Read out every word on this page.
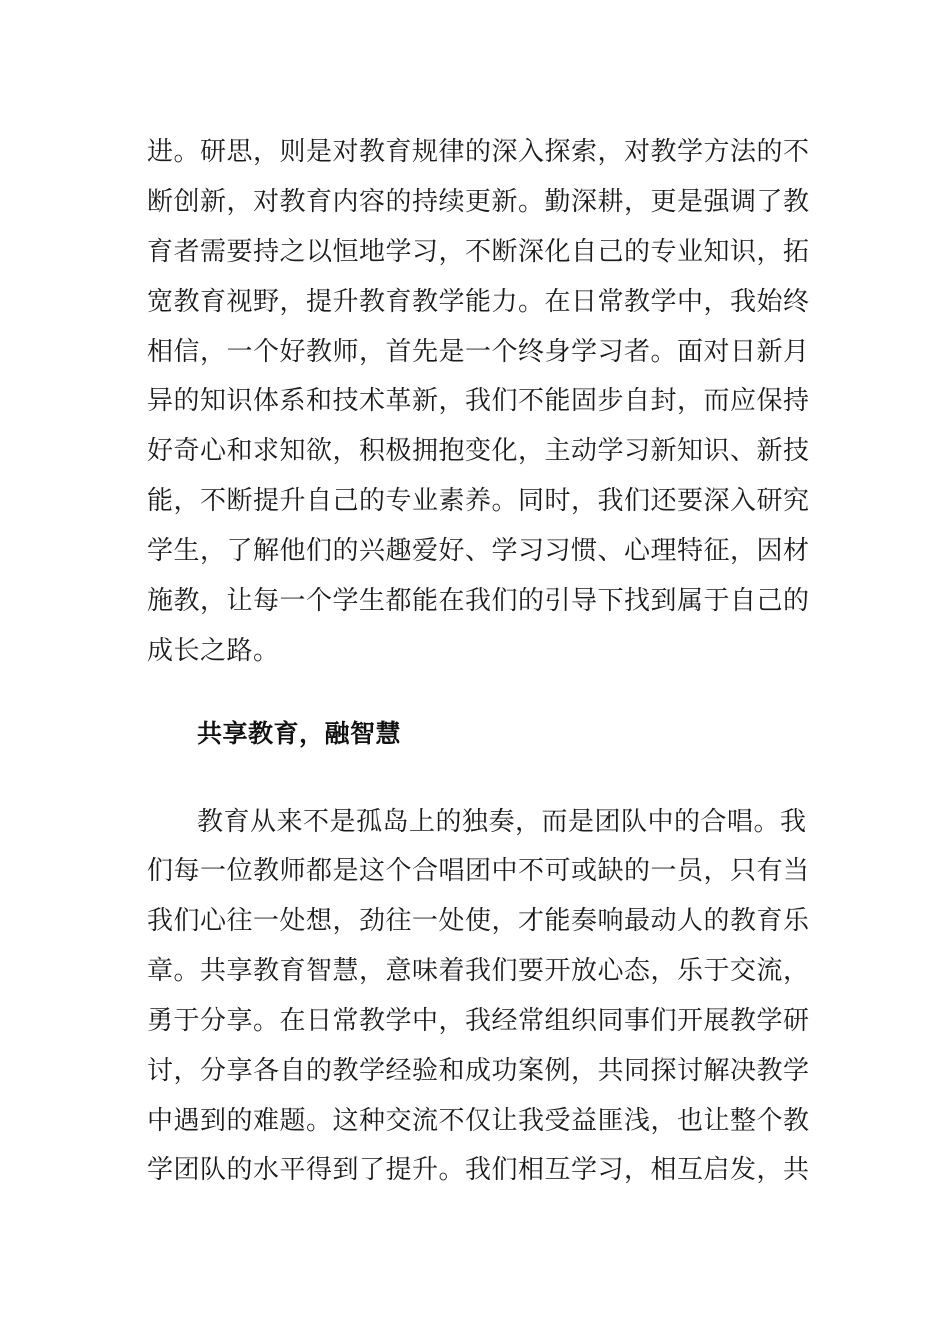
进。研思，则是对教育规律的深入探索，对教学方法的不
断创新，对教育内容的持续更新。勤深耕，更是强调了教
育者需要持之以恒地学习，不断深化自己的专业知识，拓
宽教育视野，提升教育教学能力。在日常教学中，我始终
相信，一个好教师，首先是一个终身学习者。面对日新月
异的知识体系和技术革新，我们不能固步自封，而应保持
好奇心和求知欲，积极拥抱变化，主动学习新知识、新技
能，不断提升自己的专业素养。同时，我们还要深入研究
学生，了解他们的兴趣爱好、学习习惯、心理特征，因材
施教，让每一个学生都能在我们的引导下找到属于自己的
成长之路。
共享教育，融智慧
教育从来不是孤岛上的独奏，而是团队中的合唱。我
们每一位教师都是这个合唱团中不可或缺的一员，只有当
我们心往一处想，劲往一处使，才能奏响最动人的教育乐
章。共享教育智慧，意味着我们要开放心态，乐于交流，
勇于分享。在日常教学中，我经常组织同事们开展教学研
讨，分享各自的教学经验和成功案例，共同探讨解决教学
中遇到的难题。这种交流不仅让我受益匪浅，也让整个教
学团队的水平得到了提升。我们相互学习，相互启发，共
